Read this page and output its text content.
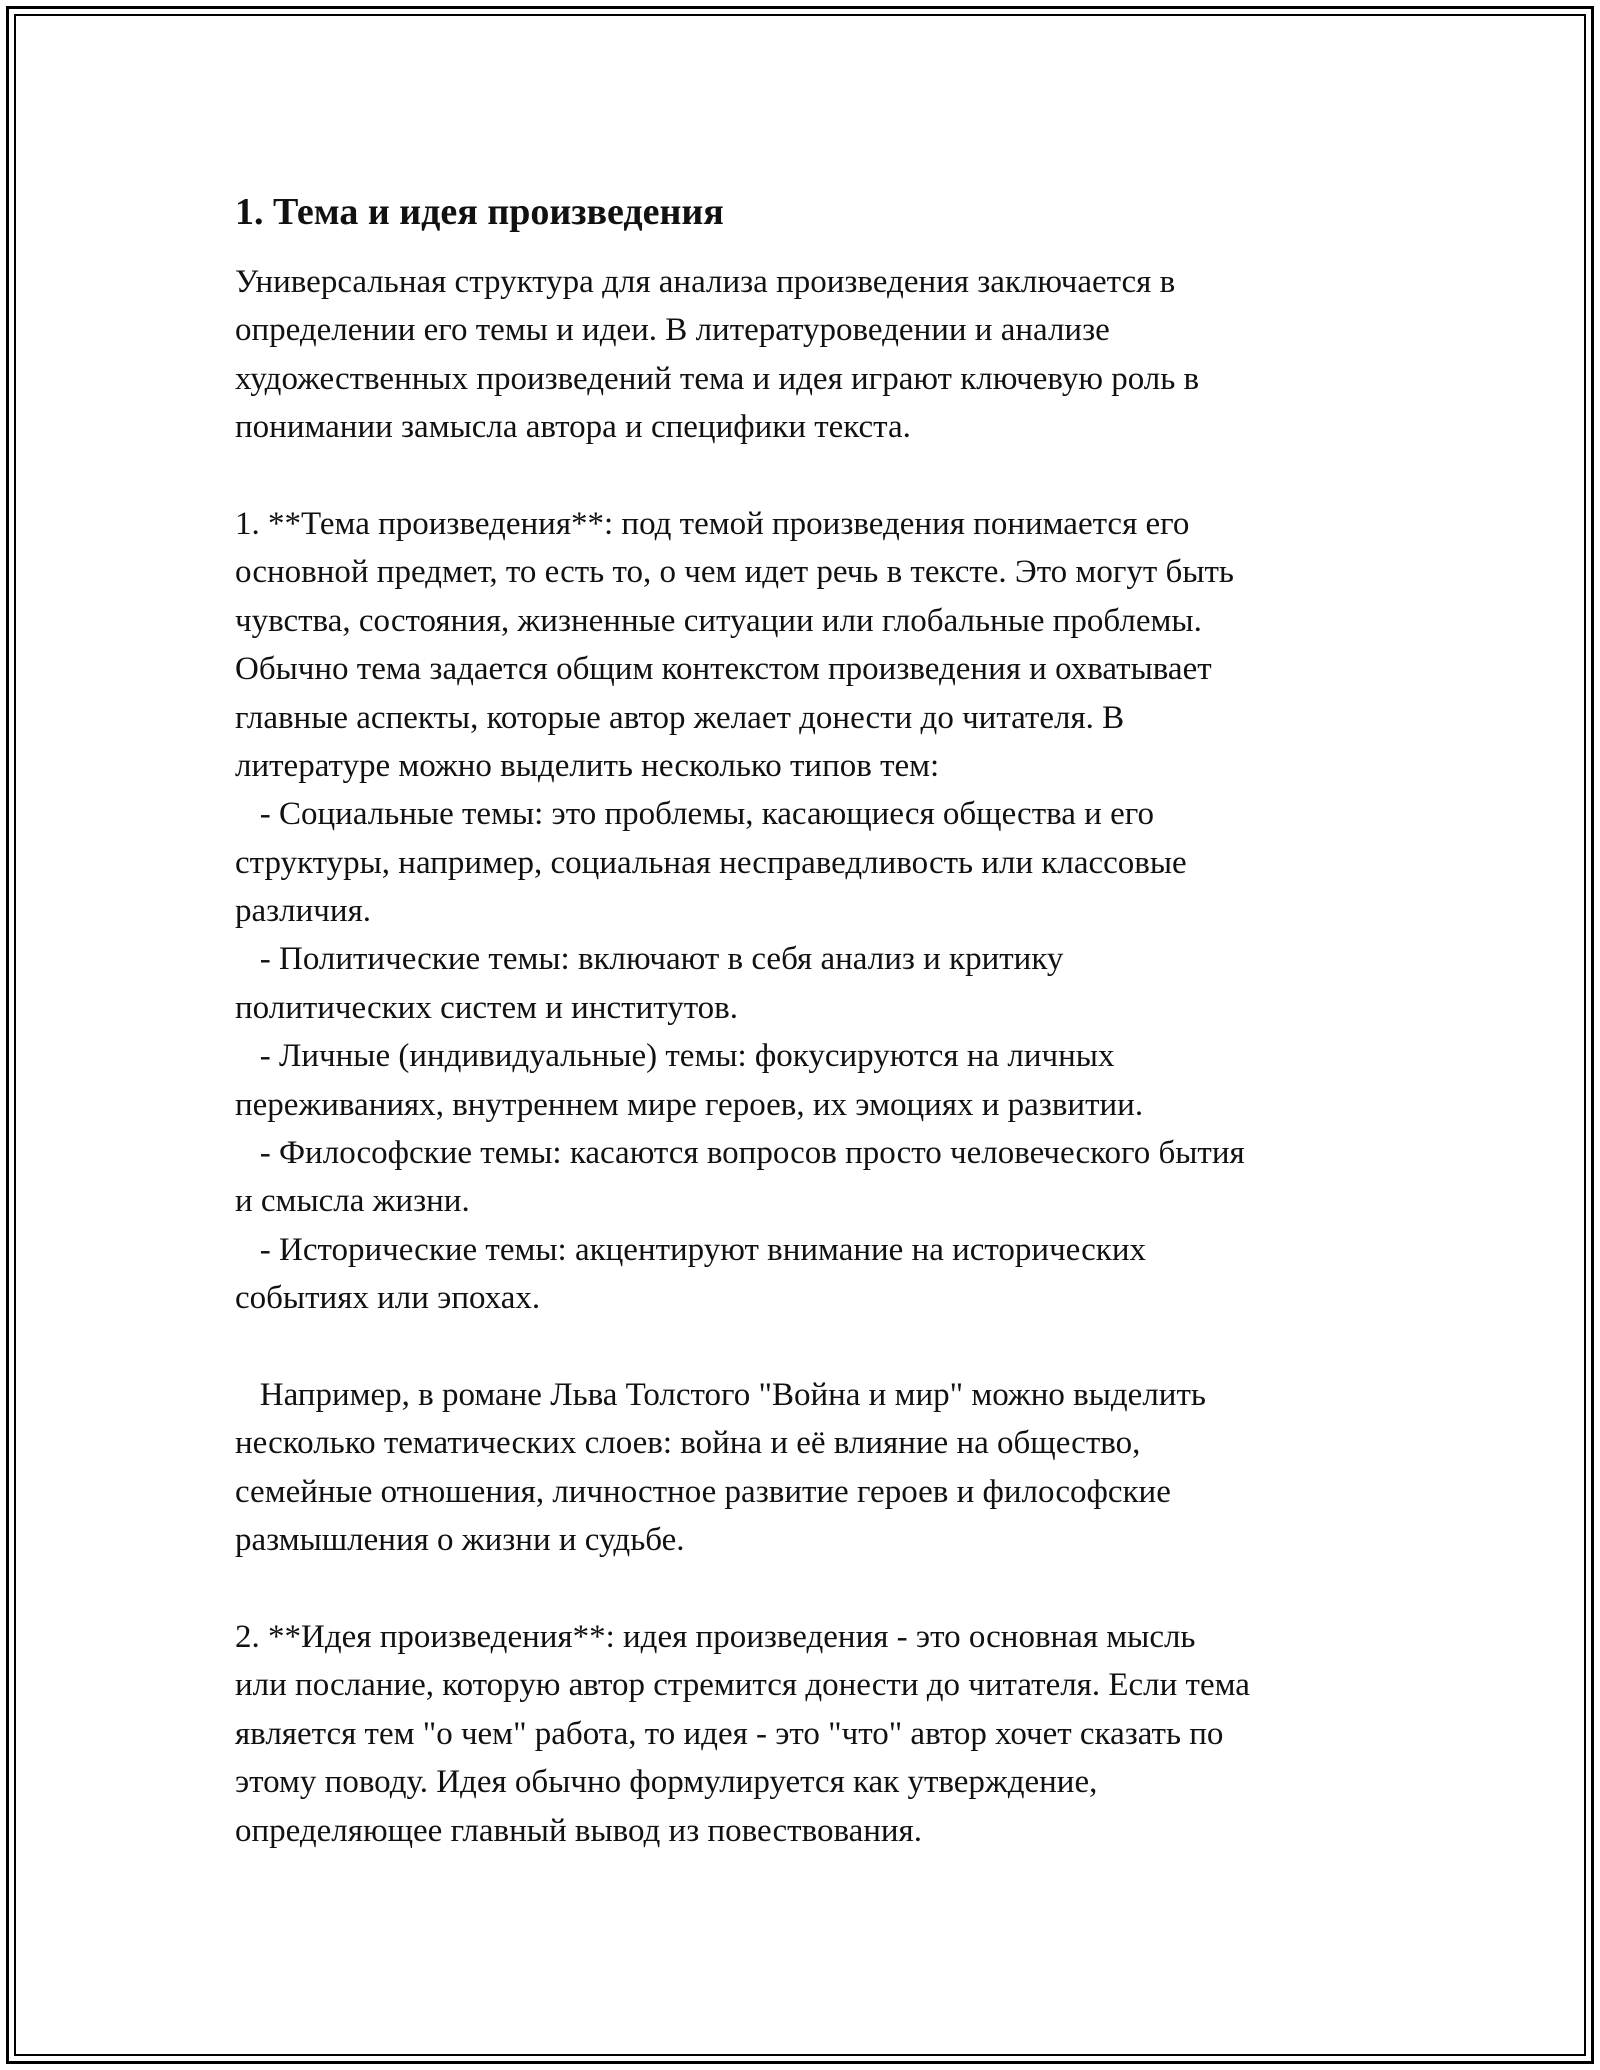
1. Тема и идея произведения
Универсальная структура для анализа произведения заключается в
определении его темы и идеи. В литературоведении и анализе
художественных произведений тема и идея играют ключевую роль в
понимании замысла автора и специфики текста.
1. **Тема произведения**: под темой произведения понимается его
основной предмет, то есть то, о чем идет речь в тексте. Это могут быть
чувства, состояния, жизненные ситуации или глобальные проблемы.
Обычно тема задается общим контекстом произведения и охватывает
главные аспекты, которые автор желает донести до читателя. В
литературе можно выделить несколько типов тем:
- Социальные темы: это проблемы, касающиеся общества и его
структуры, например, социальная несправедливость или классовые
различия.
- Политические темы: включают в себя анализ и критику
политических систем и институтов.
- Личные (индивидуальные) темы: фокусируются на личных
переживаниях, внутреннем мире героев, их эмоциях и развитии.
- Философские темы: касаются вопросов просто человеческого бытия
и смысла жизни.
- Исторические темы: акцентируют внимание на исторических
событиях или эпохах.
Например, в романе Льва Толстого "Война и мир" можно выделить
несколько тематических слоев: война и её влияние на общество,
семейные отношения, личностное развитие героев и философские
размышления о жизни и судьбе.
2. **Идея произведения**: идея произведения - это основная мысль
или послание, которую автор стремится донести до читателя. Если тема
является тем "о чем" работа, то идея - это "что" автор хочет сказать по
этому поводу. Идея обычно формулируется как утверждение,
определяющее главный вывод из повествования.
